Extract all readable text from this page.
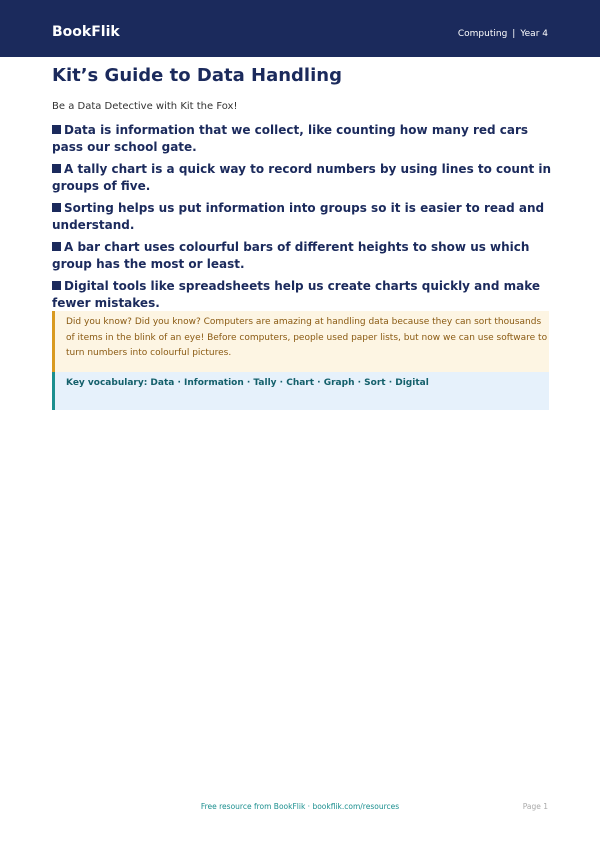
BookFlik	Computing | Year 4
Kit’s Guide to Data Handling
Be a Data Detective with Kit the Fox!
Data is information that we collect, like counting how many red cars pass our school gate.
A tally chart is a quick way to record numbers by using lines to count in groups of five.
Sorting helps us put information into groups so it is easier to read and understand.
A bar chart uses colourful bars of different heights to show us which group has the most or least.
Digital tools like spreadsheets help us create charts quickly and make fewer mistakes.
Did you know? Did you know? Computers are amazing at handling data because they can sort thousands of items in the blink of an eye! Before computers, people used paper lists, but now we can use software to turn numbers into colourful pictures.
Key vocabulary: Data · Information · Tally · Chart · Graph · Sort · Digital
Free resource from BookFlik · bookflik.com/resources	Page 1
